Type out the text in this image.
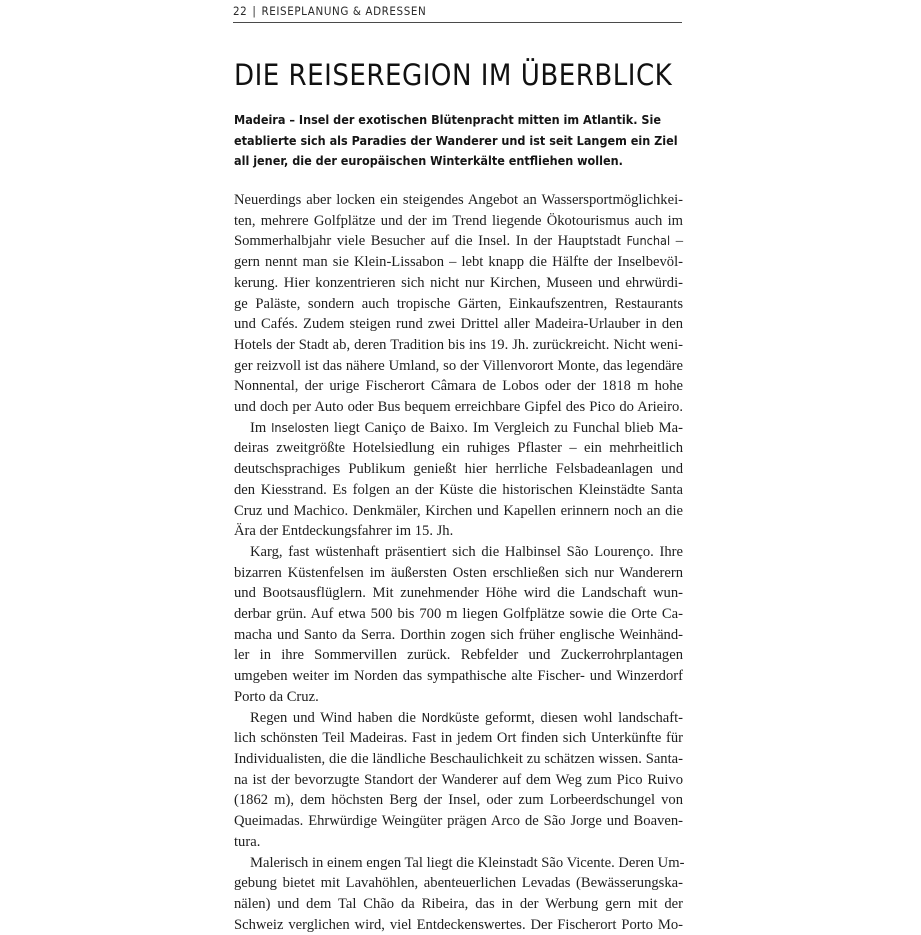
22 | REISEPLANUNG & ADRESSEN
DIE REISEREGION IM ÜBERBLICK

Madeira – Insel der exotischen Blütenpracht mitten im Atlantik. Sie
etablierte sich als Paradies der Wanderer und ist seit Langem ein Ziel
all jener, die der europäischen Winterkälte entfliehen wollen.

Neuerdings aber locken ein steigendes Angebot an Wassersportmöglichkei-
ten, mehrere Golfplätze und der im Trend liegende Ökotourismus auch im
Sommerhalbjahr viele Besucher auf die Insel. In der Hauptstadt Funchal –
gern nennt man sie Klein-Lissabon – lebt knapp die Hälfte der Inselbevöl-
kerung. Hier konzentrieren sich nicht nur Kirchen, Museen und ehrwürdi-
ge Paläste, sondern auch tropische Gärten, Einkaufszentren, Restaurants
und Cafés. Zudem steigen rund zwei Drittel aller Madeira-Urlauber in den
Hotels der Stadt ab, deren Tradition bis ins 19. Jh. zurückreicht. Nicht weni-
ger reizvoll ist das nähere Umland, so der Villenvorort Monte, das legendäre
Nonnental, der urige Fischerort Câmara de Lobos oder der 1818 m hohe
und doch per Auto oder Bus bequem erreichbare Gipfel des Pico do Arieiro.
Im Inselosten liegt Caniço de Baixo. Im Vergleich zu Funchal blieb Ma-
deiras zweitgrößte Hotelsiedlung ein ruhiges Pflaster – ein mehrheitlich
deutschsprachiges Publikum genießt hier herrliche Felsbadeanlagen und
den Kiesstrand. Es folgen an der Küste die historischen Kleinstädte Santa
Cruz und Machico. Denkmäler, Kirchen und Kapellen erinnern noch an die
Ära der Entdeckungsfahrer im 15. Jh.
Karg, fast wüstenhaft präsentiert sich die Halbinsel São Lourenço. Ihre
bizarren Küstenfelsen im äußersten Osten erschließen sich nur Wanderern
und Bootsausflüglern. Mit zunehmender Höhe wird die Landschaft wun-
derbar grün. Auf etwa 500 bis 700 m liegen Golfplätze sowie die Orte Ca-
macha und Santo da Serra. Dorthin zogen sich früher englische Weinhänd-
ler in ihre Sommervillen zurück. Rebfelder und Zuckerrohrplantagen
umgeben weiter im Norden das sympathische alte Fischer- und Winzerdorf
Porto da Cruz.
Regen und Wind haben die Nordküste geformt, diesen wohl landschaft-
lich schönsten Teil Madeiras. Fast in jedem Ort finden sich Unterkünfte für
Individualisten, die die ländliche Beschaulichkeit zu schätzen wissen. Santa-
na ist der bevorzugte Standort der Wanderer auf dem Weg zum Pico Ruivo
(1862 m), dem höchsten Berg der Insel, oder zum Lorbeerdschungel von
Queimadas. Ehrwürdige Weingüter prägen Arco de São Jorge und Boaven-
tura.
Malerisch in einem engen Tal liegt die Kleinstadt São Vicente. Deren Um-
gebung bietet mit Lavahöhlen, abenteuerlichen Levadas (Bewässerungska-
nälen) und dem Tal Chão da Ribeira, das in der Werbung gern mit der
Schweiz verglichen wird, viel Entdeckenswertes. Der Fischerort Porto Mo-
